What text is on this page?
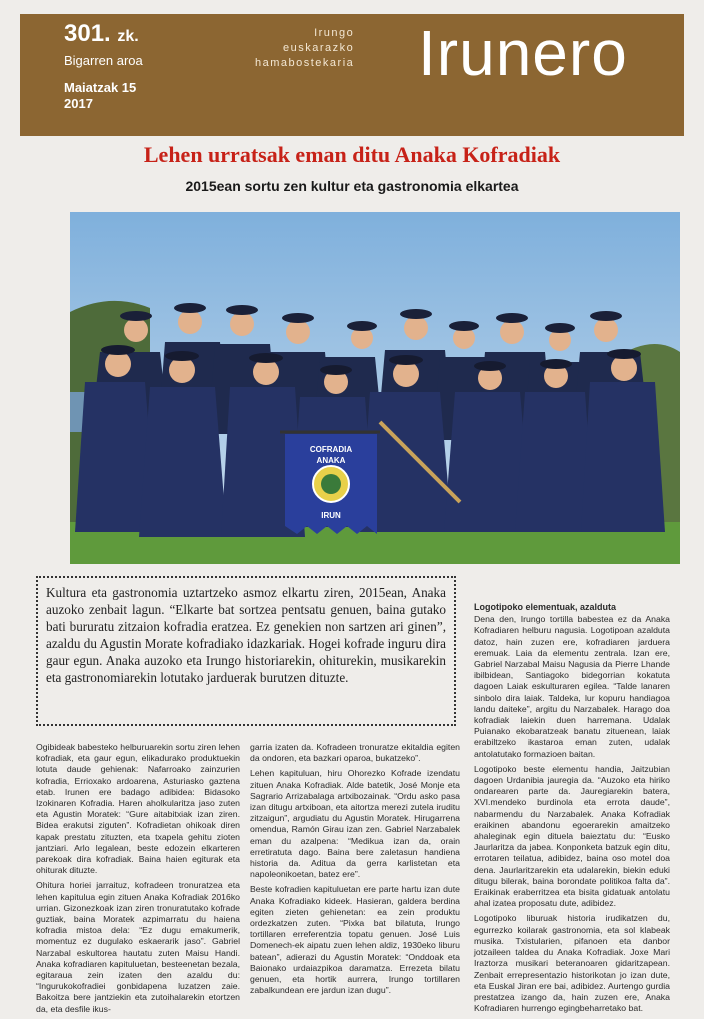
301. zk.
Bigarren aroa
Maiatzak 15
2017
Irungo
euskarazko
hamabostekaria Irunero
Lehen urratsak eman ditu Anaka Kofradiak
2015ean sortu zen kultur eta gastronomia elkartea
COFRADIA
ANAKA
IRUN
Kultura eta gastronomia uztartzeko asmoz elkartu ziren, 2015ean, Anaka auzoko zenbait lagun. “Elkarte bat sortzea pentsatu genuen, baina gutako bati bururatu zitzaion kofradia eratzea. Ez genekien non sartzen ari ginen”, azaldu du Agustin Morate kofradiako idazkariak. Hogei kofrade inguru dira gaur egun. Anaka auzoko eta Irungo historiarekin, ohiturekin, musikarekin eta gastronomiarekin lotutako jarduerak burutzen dituzte.

Ogibideak babesteko helburuarekin sortu ziren lehen kofradiak, eta gaur egun, elikadurako produktuekin lotuta daude gehienak: Nafarroako zainzurien kofradia, Errioxako ardoarena, Asturiasko gaztena etab. Irunen ere badago adibidea: Bidasoko Izokinaren Kofradia. Haren aholkularitza jaso zuten eta Agustin Moratek: “Gure aitabitxiak izan ziren. Bidea erakutsi ziguten”. Kofradietan ohikoak diren kapak prestatu zituzten, eta txapela gehitu zioten jantziari. Arlo legalean, beste edozein elkarteren parekoak dira kofradiak. Baina haien egiturak eta ohiturak dituzte.

Ohitura horiei jarraituz, kofradeen tronuratzea eta lehen kapitulua egin zituen Anaka Kofradiak 2016ko urrian. Gizonezkoak izan ziren tronuratutako kofrade guztiak, baina Moratek azpimarratu du haiena kofradia mistoa dela: “Ez dugu emakumerik, momentuz ez dugulako eskaerarik jaso”. Gabriel Narzabal eskultorea hautatu zuten Maisu Handi. Anaka kofradiaren kapituluetan, besteenetan bezala, egitaraua zein izaten den azaldu du: “Ingurukokofradiei gonbidapena luzatzen zaie. Bakoitza bere jantziekin eta zutoihalarekin etortzen da, eta desfile ikus-

garria izaten da. Kofradeen tronuratze ekitaldia egiten da ondoren, eta bazkari oparoa, bukatzeko”.

Lehen kapituluan, hiru Ohorezko Kofrade izendatu zituen Anaka Kofradiak. Alde batetik, José Monje eta Sagrario Arrizabalaga artxibozainak. “Ordu asko pasa izan ditugu artxiboan, eta aitortza merezi zutela iruditu zitzaigun”, argudiatu du Agustin Moratek. Hirugarrena omendua, Ramón Girau izan zen. Gabriel Narzabalek eman du azalpena: “Medikua izan da, orain erretiratuta dago. Baina bere zaletasun handiena historia da. Aditua da gerra karlistetan eta napoleonikoetan, batez ere”.

Beste kofradien kapituluetan ere parte hartu izan dute Anaka Kofradiako kideek. Hasieran, galdera berdina egiten zieten gehienetan: ea zein produktu ordezkatzen zuten. “Pixka bat bilatuta, Irungo tortillaren erreferentzia topatu genuen. José Luis Domenech-ek aipatu zuen lehen aldiz, 1930eko liburu batean”, adierazi du Agustin Moratek: “Onddoak eta Baionako urdaiazpikoa daramatza. Errezeta bilatu genuen, eta hortik aurrera, Irungo tortillaren zabalkundean ere jardun izan dugu”.

Logotipoko elementuak, azalduta

Dena den, Irungo tortilla babestea ez da Anaka Kofradiaren helburu nagusia. Logotipoan azalduta datoz, hain zuzen ere, kofradiaren jarduera eremuak. Laia da elementu zentrala. Izan ere, Gabriel Narzabal Maisu Nagusia da Pierre Lhande ibilbidean, Santiagoko bidegorrian kokatuta dagoen Laiak eskulturaren egilea. “Talde lanaren sinbolo dira laiak. Taldeka, lur kopuru handiagoa landu daiteke”, argitu du Narzabalek. Harago doa kofradiak laiekin duen harremana. Udalak Puianako ekobaratzeak banatu zituenean, laiak erabiltzeko ikastaroa eman zuten, udalak antolatutako formazioen baitan.

Logotipoko beste elementu handia, Jaitzubian dagoen Urdanibia jauregia da. “Auzoko eta hiriko ondarearen parte da. Jauregiarekin batera, XVI.mendeko burdinola eta errota daude”, nabarmendu du Narzabalek. Anaka Kofradiak eraikinen abandonu egoerarekin amaitzeko ahaleginak egin dituela baieztatu du: “Eusko Jaurlaritza da jabea. Konponketa batzuk egin ditu, errotaren teilatua, adibidez, baina oso motel doa dena. Jaurlaritzarekin eta udalarekin, biekin eduki ditugu bilerak, baina borondate politikoa falta da”. Eraikinak eraberritzea eta bisita gidatuak antolatu ahal izatea proposatu dute, adibidez.

Logotipoko liburuak historia irudikatzen du, egurrezko koilarak gastronomia, eta sol klabeak musika. Txistularien, pifanoen eta danbor jotzaileen taldea du Anaka Kofradiak. Joxe Mari Iraztorza musikari beteranoaren gidaritzapean. Zenbait errepresentazio historikotan jo izan dute, eta Euskal Jiran ere bai, adibidez. Aurtengo gurdia prestatzea izango da, hain zuzen ere, Anaka Kofradiaren hurrengo egingbeharretako bat.
